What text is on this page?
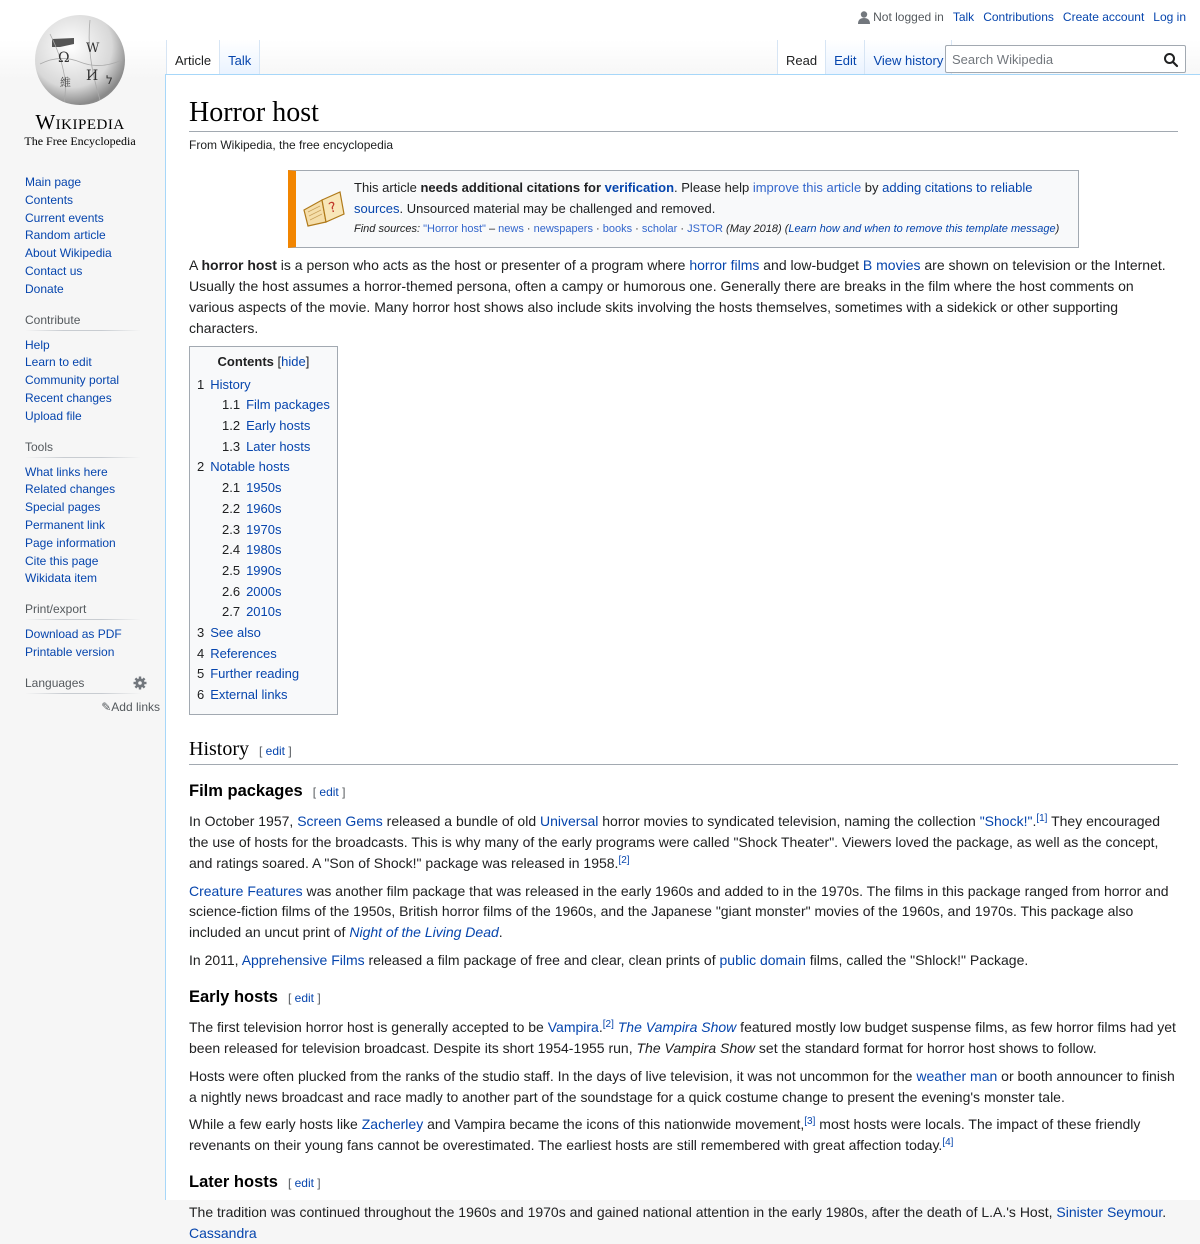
Ω
W
И
維	ל
Wikipedia
The Free Encyclopedia
Not logged in Talk Contributions Create account Log in
Article	Talk	Read	Edit	View history
Search Wikipedia
Main page
Contents
Current events
Random article
About Wikipedia
Contact us
Donate
Contribute
Help
Learn to edit
Community portal
Recent changes
Upload file
Tools
What links here
Related changes
Special pages
Permanent link
Page information
Cite this page
Wikidata item
Print/export
Download as PDF
Printable version
Languages
✎Add links
Horror host
From Wikipedia, the free encyclopedia
?
This article needs additional citations for verification. Please help improve this article by adding citations to reliable sources. Unsourced material may be challenged and removed.
Find sources: "Horror host" – news · newspapers · books · scholar · JSTOR (May 2018) (Learn how and when to remove this template message)

A horror host is a person who acts as the host or presenter of a program where horror films and low-budget B movies are shown on television or the Internet. Usually the host assumes a horror-themed persona, often a campy or humorous one. Generally there are breaks in the film where the host comments on various aspects of the movie. Many horror host shows also include skits involving the hosts themselves, sometimes with a sidekick or other supporting characters.

Contents [hide]
1 History
1.1 Film packages
1.2 Early hosts
1.3 Later hosts
2 Notable hosts
2.1 1950s
2.2 1960s
2.3 1970s
2.4 1980s
2.5 1990s
2.6 2000s
2.7 2010s
3 See also
4 References
5 Further reading
6 External links
History [ edit ]
Film packages [ edit ]

In October 1957, Screen Gems released a bundle of old Universal horror movies to syndicated television, naming the collection "Shock!".[1] They encouraged the use of hosts for the broadcasts. This is why many of the early programs were called "Shock Theater". Viewers loved the package, as well as the concept, and ratings soared. A "Son of Shock!" package was released in 1958.[2]

Creature Features was another film package that was released in the early 1960s and added to in the 1970s. The films in this package ranged from horror and science-fiction films of the 1950s, British horror films of the 1960s, and the Japanese "giant monster" movies of the 1960s, and 1970s. This package also included an uncut print of Night of the Living Dead.

In 2011, Apprehensive Films released a film package of free and clear, clean prints of public domain films, called the "Shlock!" Package.

Early hosts [ edit ]

The first television horror host is generally accepted to be Vampira.[2] The Vampira Show featured mostly low budget suspense films, as few horror films had yet been released for television broadcast. Despite its short 1954-1955 run, The Vampira Show set the standard format for horror host shows to follow.

Hosts were often plucked from the ranks of the studio staff. In the days of live television, it was not uncommon for the weather man or booth announcer to finish a nightly news broadcast and race madly to another part of the soundstage for a quick costume change to present the evening's monster tale.

While a few early hosts like Zacherley and Vampira became the icons of this nationwide movement,[3] most hosts were locals. The impact of these friendly revenants on their young fans cannot be overestimated. The earliest hosts are still remembered with great affection today.[4]

Later hosts [ edit ]

The tradition was continued throughout the 1960s and 1970s and gained national attention in the early 1980s, after the death of L.A.'s Host, Sinister Seymour. Cassandra
